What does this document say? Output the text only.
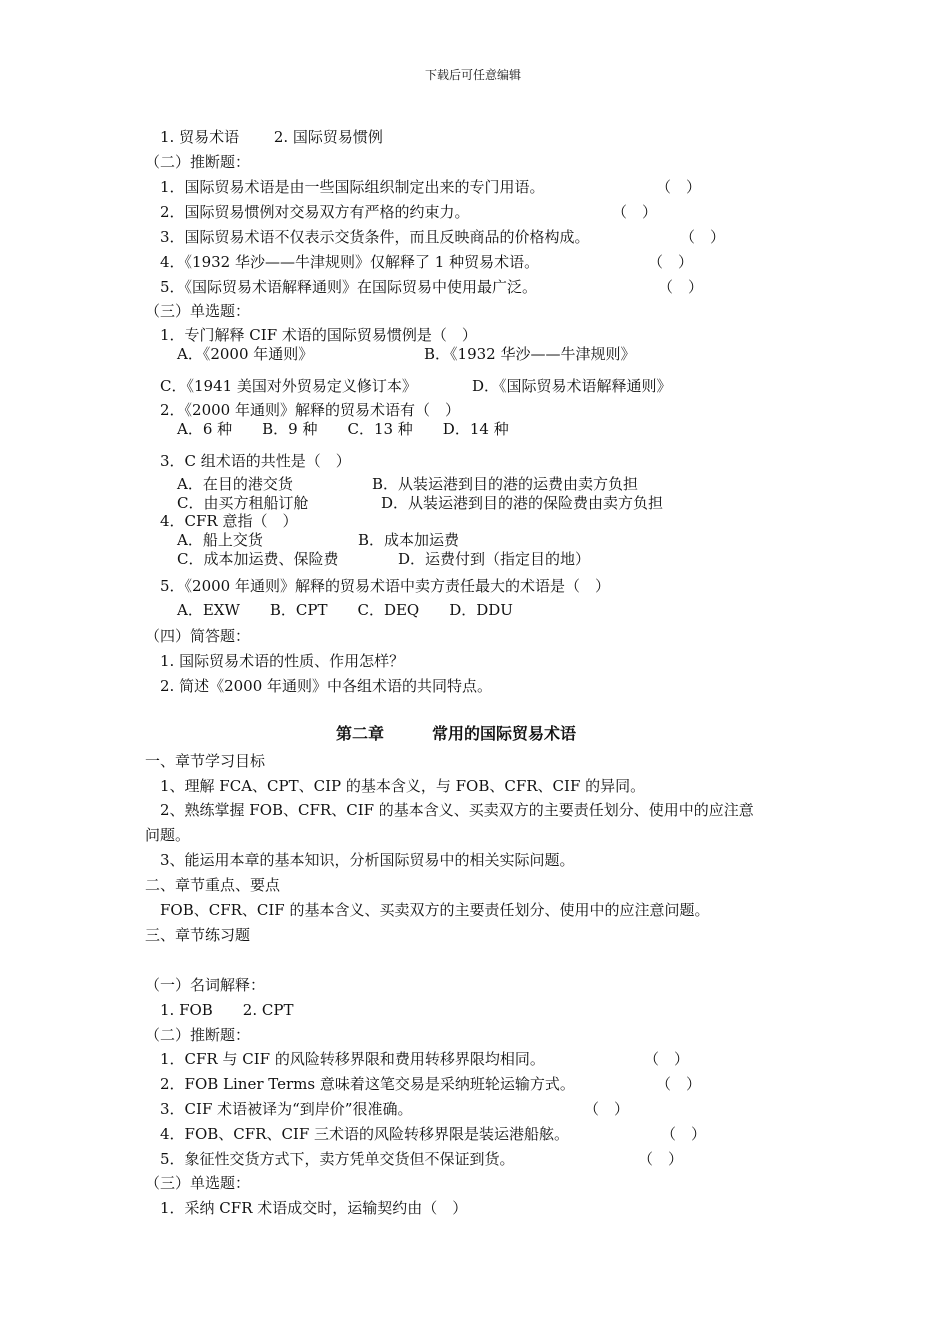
下载后可任意编辑
1. 贸易术语　　 2. 国际贸易惯例
（二）推断题：
1．国际贸易术语是由一些国际组织制定出来的专门用语。	（　）
2．国际贸易惯例对交易双方有严格的约束力。	（　）
3．国际贸易术语不仅表示交货条件，而且反映商品的价格构成。	（　）
4．《1932 华沙——牛津规则》仅解释了 1 种贸易术语。	（　）
5．《国际贸易术语解释通则》在国际贸易中使用最广泛。	（　）
（三）单选题：
1．专门解释 CIF 术语的国际贸易惯例是（　）
A．《2000 年通则》	B．《1932 华沙——牛津规则》
C．《1941 美国对外贸易定义修订本》	D．《国际贸易术语解释通则》
2．《2000 年通则》解释的贸易术语有（　）
A．6 种　　B．9 种　　C．13 种　　D．14 种
3．C 组术语的共性是（　）
A．在目的港交货	B．从装运港到目的港的运费由卖方负担
C．由买方租船订舱	D．从装运港到目的港的保险费由卖方负担
4．CFR 意指（　）
A．船上交货	B．成本加运费
C．成本加运费、保险费	D．运费付到（指定目的地）
5．《2000 年通则》解释的贸易术语中卖方责任最大的术语是（　）
A．EXW　　B．CPT　　C．DEQ　　D．DDU
（四）简答题：
1. 国际贸易术语的性质、作用怎样？
2. 简述《2000 年通则》中各组术语的共同特点。
第二章　　　常用的国际贸易术语
一、章节学习目标
1、理解 FCA、CPT、CIP 的基本含义，与 FOB、CFR、CIF 的异同。
2、熟练掌握 FOB、CFR、CIF 的基本含义、买卖双方的主要责任划分、使用中的应注意
问题。
3、能运用本章的基本知识，分析国际贸易中的相关实际问题。
二、章节重点、要点
FOB、CFR、CIF 的基本含义、买卖双方的主要责任划分、使用中的应注意问题。
三、章节练习题
（一）名词解释：
1. FOB　　2. CPT
（二）推断题：
1．CFR 与 CIF 的风险转移界限和费用转移界限均相同。	（　）
2．FOB Liner Terms 意味着这笔交易是采纳班轮运输方式。	（　）
3．CIF 术语被译为“到岸价”很准确。	（　）
4．FOB、CFR、CIF 三术语的风险转移界限是装运港船舷。	（　）
5．象征性交货方式下，卖方凭单交货但不保证到货。	（　）
（三）单选题：
1．采纳 CFR 术语成交时，运输契约由（　）
